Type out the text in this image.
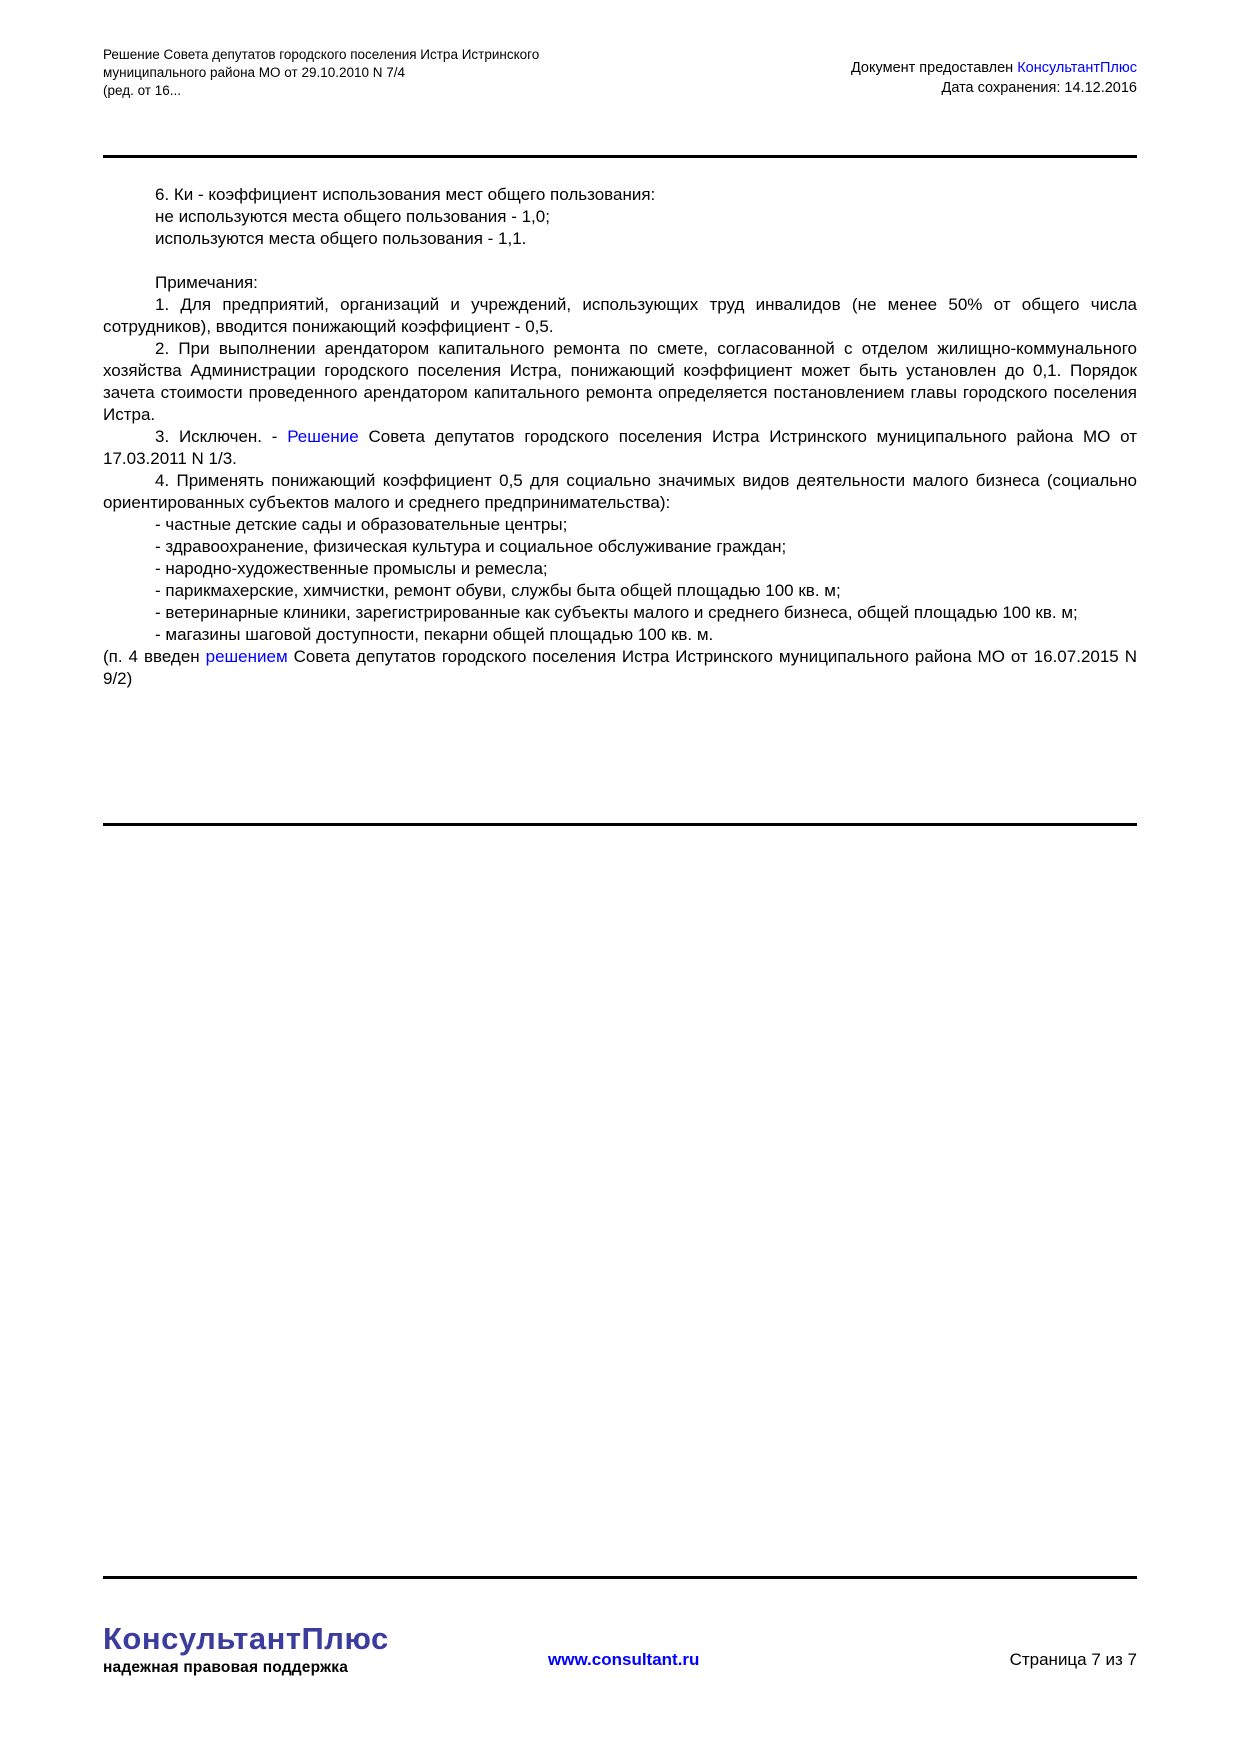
Решение Совета депутатов городского поселения Истра Истринского
муниципального района МО от 29.10.2010 N 7/4
(ред. от 16...
Документ предоставлен КонсультантПлюс
Дата сохранения: 14.12.2016

6. Ки - коэффициент использования мест общего пользования:

не используются места общего пользования - 1,0;

используются места общего пользования - 1,1.

Примечания:

1. Для предприятий, организаций и учреждений, использующих труд инвалидов (не менее 50% от общего числа сотрудников), вводится понижающий коэффициент - 0,5.

2. При выполнении арендатором капитального ремонта по смете, согласованной с отделом жилищно-коммунального хозяйства Администрации городского поселения Истра, понижающий коэффициент может быть установлен до 0,1. Порядок зачета стоимости проведенного арендатором капитального ремонта определяется постановлением главы городского поселения Истра.

3. Исключен. - Решение Совета депутатов городского поселения Истра Истринского муниципального района МО от 17.03.2011 N 1/3.

4. Применять понижающий коэффициент 0,5 для социально значимых видов деятельности малого бизнеса (социально ориентированных субъектов малого и среднего предпринимательства):

- частные детские сады и образовательные центры;

- здравоохранение, физическая культура и социальное обслуживание граждан;

- народно-художественные промыслы и ремесла;

- парикмахерские, химчистки, ремонт обуви, службы быта общей площадью 100 кв. м;

- ветеринарные клиники, зарегистрированные как субъекты малого и среднего бизнеса, общей площадью 100 кв. м;

- магазины шаговой доступности, пекарни общей площадью 100 кв. м.

(п. 4 введен решением Совета депутатов городского поселения Истра Истринского муниципального района МО от 16.07.2015 N 9/2)

КонсультантПлюс
надежная правовая поддержка	www.consultant.ru	Страница 7 из 7
